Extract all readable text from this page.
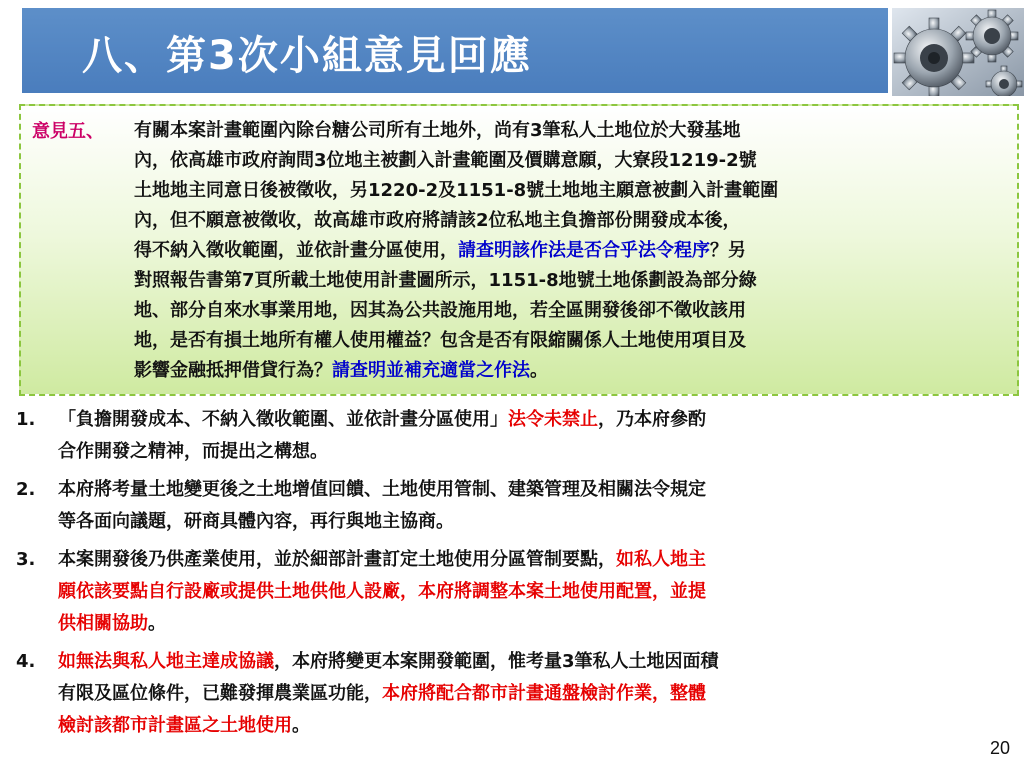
八、第3次小組意見回應
意見五、 有關本案計畫範圍內除台糖公司所有土地外，尚有3筆私人土地位於大發基地
內，依高雄市政府詢問3位地主被劃入計畫範圍及價購意願，大寮段1219-2號
土地地主同意日後被徵收，另1220-2及1151-8號土地地主願意被劃入計畫範圍
內，但不願意被徵收，故高雄市政府將請該2位私地主負擔部份開發成本後，
得不納入徵收範圍，並依計畫分區使用，請查明該作法是否合乎法令程序？另
對照報告書第7頁所載土地使用計畫圖所示，1151-8地號土地係劃設為部分綠
地、部分自來水事業用地，因其為公共設施用地，若全區開發後卻不徵收該用
地，是否有損土地所有權人使用權益？包含是否有限縮關係人土地使用項目及
影響金融抵押借貸行為？請查明並補充適當之作法。
1.	「負擔開發成本、不納入徵收範圍、並依計畫分區使用」法令未禁止，乃本府參酌
合作開發之精神，而提出之構想。
2.	本府將考量土地變更後之土地增值回饋、土地使用管制、建築管理及相關法令規定
等各面向議題，研商具體內容，再行與地主協商。
3.	本案開發後乃供產業使用，並於細部計畫訂定土地使用分區管制要點，如私人地主
願依該要點自行設廠或提供土地供他人設廠，本府將調整本案土地使用配置，並提
供相關協助。
4.	如無法與私人地主達成協議，本府將變更本案開發範圍，惟考量3筆私人土地因面積
有限及區位條件，已難發揮農業區功能，本府將配合都市計畫通盤檢討作業，整體
檢討該都市計畫區之土地使用。
20
